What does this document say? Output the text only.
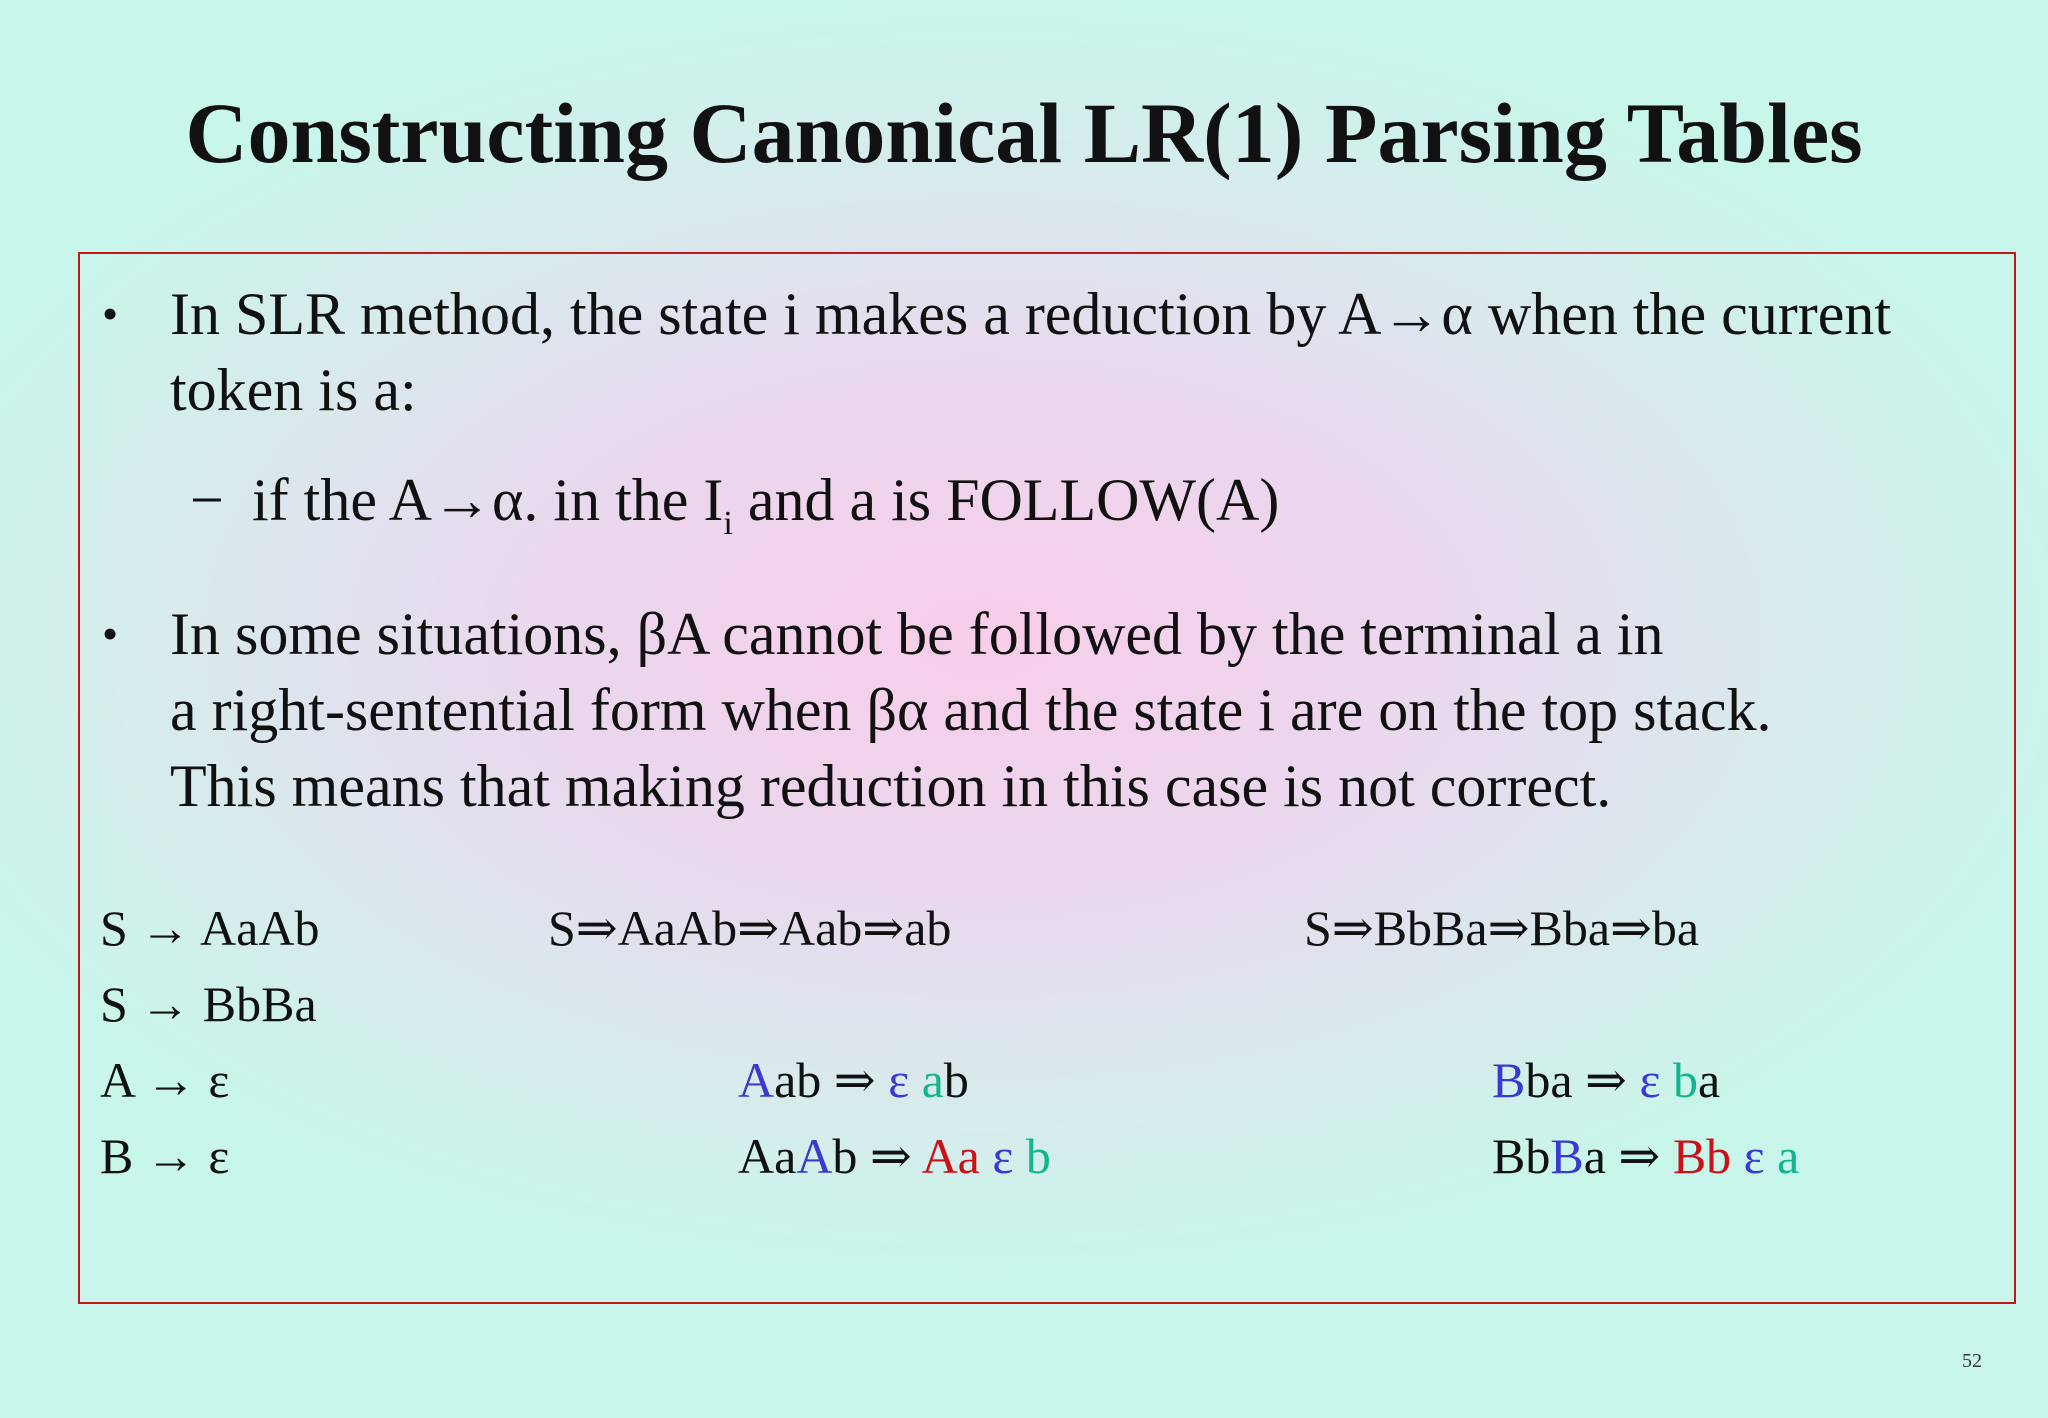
Constructing Canonical LR(1) Parsing Tables
• In SLR method, the state i makes a reduction by A→α when the current
token is a:
− if the A→α. in the $I_i$ and a is FOLLOW(A)
• In some situations, βA cannot be followed by the terminal a in
a right-sentential form when βα and the state i are on the top stack.
This means that making reduction in this case is not correct.
S → AaAb
S → BbBa
A → ε
B → ε
S⇒AaAb⇒Aab⇒ab	S⇒BbBa⇒Bba⇒ba
Aab ⇒ ε ab
AaAb ⇒ Aa ε b
Bba ⇒ ε ba
BbBa ⇒ Bb ε a
52
